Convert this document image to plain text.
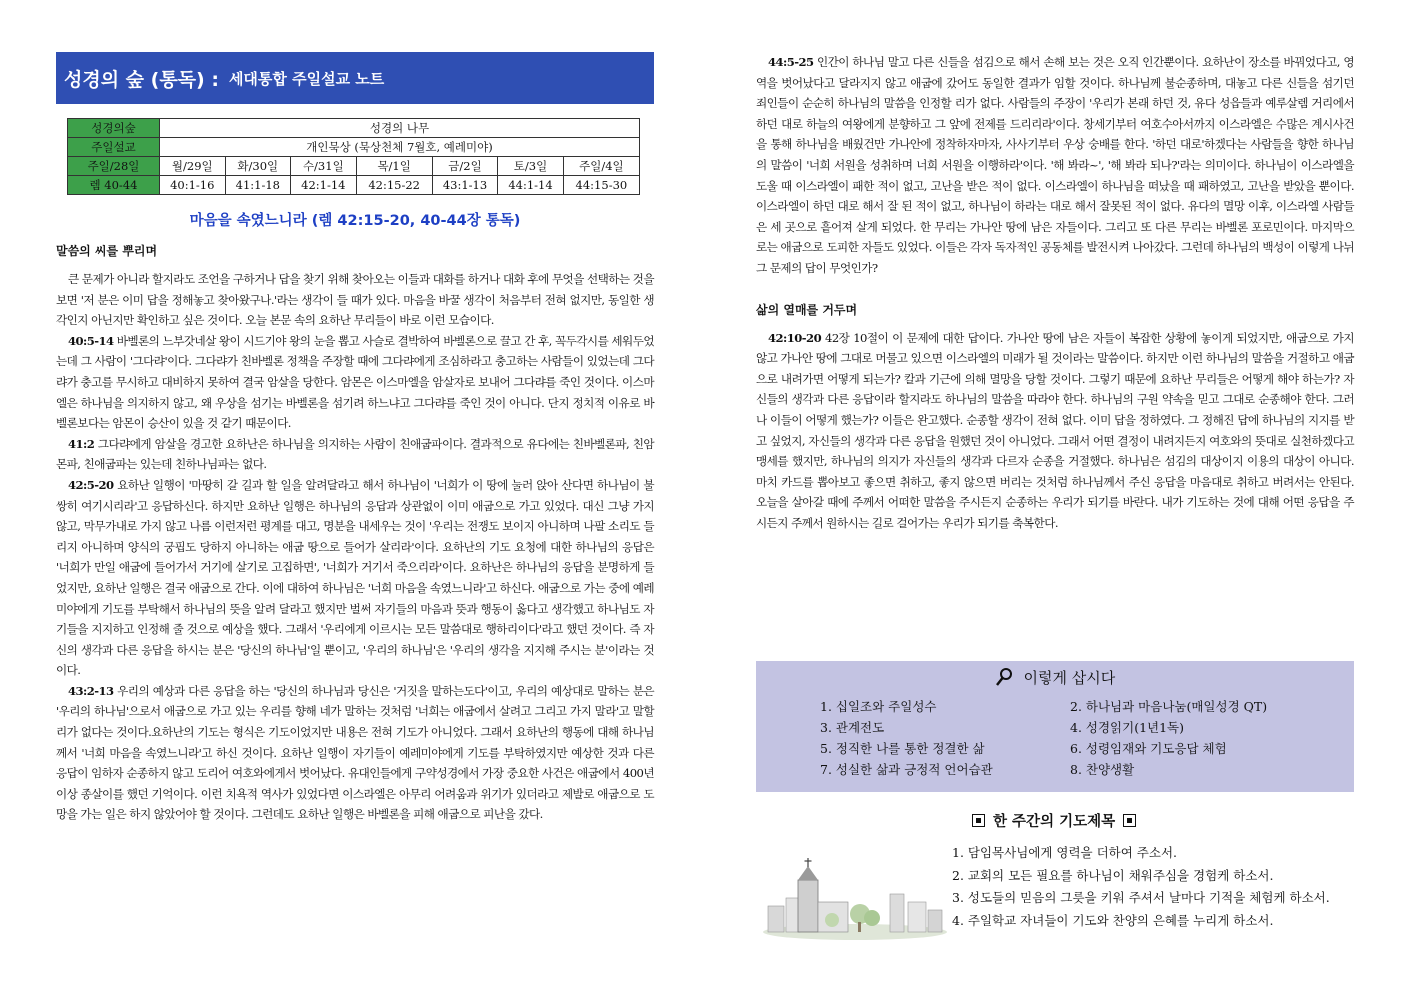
성경의 숲 (통독) : 세대통합 주일설교 노트
성경의숲	성경의 나무						
주일설교	개인묵상 (묵상천체 7월호, 예레미야)						
주일/28일	월/29일	화/30일	수/31일	목/1일	금/2일	토/3일	주일/4일
렘 40-44	40:1-16	41:1-18	42:1-14	42:15-22	43:1-13	44:1-14	44:15-30
마음을 속였느니라 (렘 42:15-20, 40-44장 통독)
말씀의 씨를 뿌리며

큰 문제가 아니라 할지라도 조언을 구하거나 답을 찾기 위해 찾아오는 이들과 대화를 하거나 대화 후에 무엇을 선택하는 것을 보면 '저 분은 이미 답을 정해놓고 찾아왔구나.'라는 생각이 들 때가 있다. 마음을 바꿀 생각이 처음부터 전혀 없지만, 동일한 생각인지 아닌지만 확인하고 싶은 것이다. 오늘 본문 속의 요하난 무리들이 바로 이런 모습이다.

40:5-14 바벨론의 느부갓네살 왕이 시드기야 왕의 눈을 뽑고 사슬로 결박하여 바벨론으로 끌고 간 후, 꼭두각시를 세워두었는데 그 사람이 '그다랴'이다. 그다랴가 친바벨론 정책을 주장할 때에 그다랴에게 조심하라고 충고하는 사람들이 있었는데 그다랴가 충고를 무시하고 대비하지 못하여 결국 암살을 당한다. 암몬은 이스마엘을 암살자로 보내어 그다랴를 죽인 것이다. 이스마엘은 하나님을 의지하지 않고, 왜 우상을 섬기는 바벨론을 섬기려 하느냐고 그다랴를 죽인 것이 아니다. 단지 정치적 이유로 바벨론보다는 암몬이 승산이 있을 것 같기 때문이다.

41:2 그다랴에게 암살을 경고한 요하난은 하나님을 의지하는 사람이 친애굽파이다. 결과적으로 유다에는 친바벨론파, 친암몬파, 친애굽파는 있는데 친하나님파는 없다.

42:5-20 요하난 일행이 '마땅히 갈 길과 할 일을 알려달라고 해서 하나님이 '너희가 이 땅에 눌러 앉아 산다면 하나님이 불쌍히 여기시리라'고 응답하신다. 하지만 요하난 일행은 하나님의 응답과 상관없이 이미 애굽으로 가고 있었다. 대신 그냥 가지 않고, 막무가내로 가지 않고 나름 이런저런 평계를 대고, 명분을 내세우는 것이 '우리는 전쟁도 보이지 아니하며 나팔 소리도 들리지 아니하며 양식의 궁핍도 당하지 아니하는 애굽 땅으로 들어가 살리라'이다. 요하난의 기도 요청에 대한 하나님의 응답은 '너희가 만일 애굽에 들어가서 거기에 살기로 고집하면', '너희가 거기서 죽으리라'이다. 요하난은 하나님의 응답을 분명하게 들었지만, 요하난 일행은 결국 애굽으로 간다. 이에 대하여 하나님은 '너희 마음을 속였느니라'고 하신다. 애굽으로 가는 중에 예레미야에게 기도를 부탁해서 하나님의 뜻을 알려 달라고 했지만 벌써 자기들의 마음과 뜻과 행동이 옳다고 생각했고 하나님도 자기들을 지지하고 인정해 줄 것으로 예상을 했다. 그래서 '우리에게 이르시는 모든 말씀대로 행하리이다'라고 했던 것이다. 즉 자신의 생각과 다른 응답을 하시는 분은 '당신의 하나님'일 뿐이고, '우리의 하나님'은 '우리의 생각을 지지해 주시는 분'이라는 것이다.

43:2-13 우리의 예상과 다른 응답을 하는 '당신의 하나님과 당신은 '거짓을 말하는도다'이고, 우리의 예상대로 말하는 분은 '우리의 하나님'으로서 애굽으로 가고 있는 우리를 향해 네가 말하는 것처럼 '너희는 애굽에서 살려고 그리고 가지 말라'고 말할 리가 없다는 것이다.요하난의 기도는 형식은 기도이었지만 내용은 전혀 기도가 아니었다. 그래서 요하난의 행동에 대해 하나님께서 '너희 마음을 속였느니라'고 하신 것이다. 요하난 일행이 자기들이 예레미야에게 기도를 부탁하였지만 예상한 것과 다른 응답이 임하자 순종하지 않고 도리어 여호와에게서 벗어났다. 유대인들에게 구약성경에서 가장 중요한 사건은 애굽에서 400년 이상 종살이를 했던 기억이다. 이런 치욕적 역사가 있었다면 이스라엘은 아무리 어려움과 위기가 있더라고 제발로 애굽으로 도망을 가는 일은 하지 않았어야 할 것이다. 그런데도 요하난 일행은 바벨론을 피해 애굽으로 피난을 갔다.

44:5-25 인간이 하나님 말고 다른 신들을 섬김으로 해서 손해 보는 것은 오직 인간뿐이다. 요하난이 장소를 바꿔었다고, 영역을 벗어났다고 달라지지 않고 애굽에 갔어도 동일한 결과가 임할 것이다. 하나님께 불순종하며, 대놓고 다른 신들을 섬기던 죄인들이 순순히 하나님의 말씀을 인정할 리가 없다. 사람들의 주장이 '우리가 본래 하던 것, 유다 성읍들과 예루살렘 거리에서 하던 대로 하늘의 여왕에게 분향하고 그 앞에 전제를 드리리라'이다. 창세기부터 여호수아서까지 이스라엘은 수많은 계시사건을 통해 하나님을 배웠건만 가나안에 정착하자마자, 사사기부터 우상 숭배를 한다. '하던 대로'하겠다는 사람들을 향한 하나님의 말씀이 '너희 서원을 성취하며 너희 서원을 이행하라'이다. '해 봐라~', '해 봐라 되나?'라는 의미이다. 하나님이 이스라엘을 도울 때 이스라엘이 패한 적이 없고, 고난을 받은 적이 없다. 이스라엘이 하나님을 떠났을 때 패하였고, 고난을 받았을 뿐이다. 이스라엘이 하던 대로 해서 잘 된 적이 없고, 하나님이 하라는 대로 해서 잘못된 적이 없다. 유다의 멸망 이후, 이스라엘 사람들은 세 곳으로 흩어져 살게 되었다. 한 무리는 가나안 땅에 남은 자들이다. 그리고 또 다른 무리는 바벨론 포로민이다. 마지막으로는 애굽으로 도피한 자들도 있었다. 이들은 각자 독자적인 공동체를 발전시켜 나아갔다. 그런데 하나님의 백성이 이렇게 나뉘 그 문제의 답이 무엇인가?

삶의 열매를 거두며

42:10-20 42장 10절이 이 문제에 대한 답이다. 가나안 땅에 남은 자들이 복잡한 상황에 놓이게 되었지만, 애굽으로 가지 않고 가나안 땅에 그대로 머물고 있으면 이스라엘의 미래가 될 것이라는 말씀이다. 하지만 이런 하나님의 말씀을 거절하고 애굽으로 내려가면 어떻게 되는가? 칼과 기근에 의해 멸망을 당할 것이다. 그렇기 때문에 요하난 무리들은 어떻게 해야 하는가? 자신들의 생각과 다른 응답이라 할지라도 하나님의 말씀을 따라야 한다. 하나님의 구원 약속을 믿고 그대로 순종해야 한다. 그러나 이들이 어떻게 했는가? 이들은 완고했다. 순종할 생각이 전혀 없다. 이미 답을 정하였다. 그 정해진 답에 하나님의 지지를 받고 싶었지, 자신들의 생각과 다른 응답을 원했던 것이 아니었다. 그래서 어떤 결정이 내려지든지 여호와의 뜻대로 실천하겠다고 맹세를 했지만, 하나님의 의지가 자신들의 생각과 다르자 순종을 거절했다. 하나님은 섬김의 대상이지 이용의 대상이 아니다. 마치 카드를 뽑아보고 좋으면 취하고, 좋지 않으면 버리는 것처럼 하나님께서 주신 응답을 마음대로 취하고 버려서는 안된다. 오늘을 살아갈 때에 주께서 어떠한 말씀을 주시든지 순종하는 우리가 되기를 바란다. 내가 기도하는 것에 대해 어떤 응답을 주시든지 주께서 원하시는 길로 걸어가는 우리가 되기를 축복한다.

이렇게 삽시다
1. 십일조와 주일성수	2. 하나님과 마음나눔(매일성경 QT)
3. 관계전도	4. 성경읽기(1년1독)
5. 정직한 나를 통한 정결한 삶	6. 성령임재와 기도응답 체험
7. 성실한 삶과 긍정적 언어습관	8. 찬양생활
한 주간의 기도제목
1. 담임목사님에게 영력을 더하여 주소서.
2. 교회의 모든 필요를 하나님이 채워주심을 경험케 하소서.
3. 성도들의 믿음의 그릇을 키워 주셔서 날마다 기적을 체험케 하소서.
4. 주일학교 자녀들이 기도와 찬양의 은혜를 누리게 하소서.
